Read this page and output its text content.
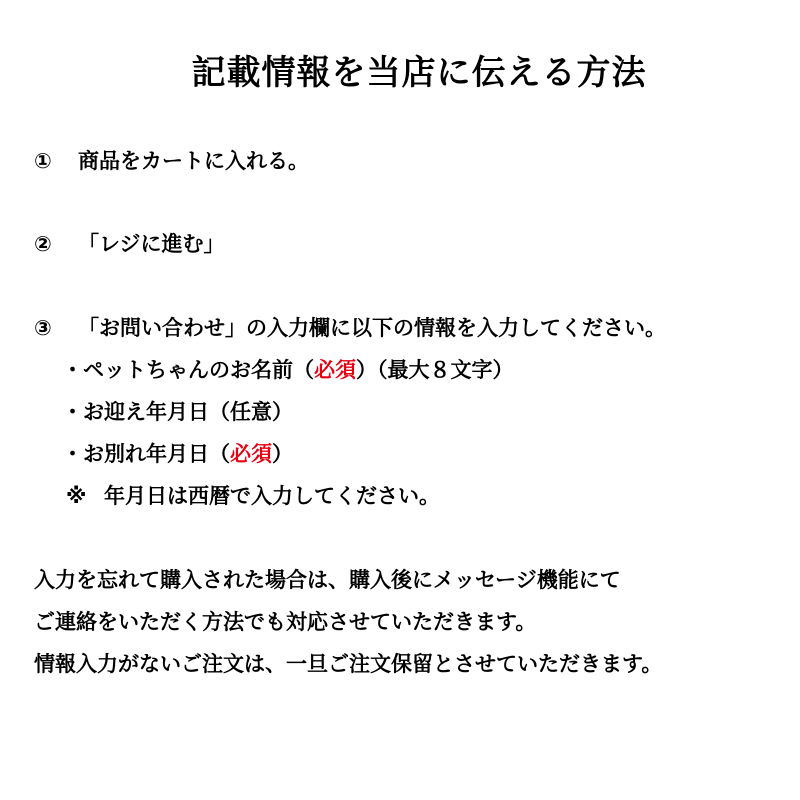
記載情報を当店に伝える方法
① 商品をカートに入れる。
② 「レジに進む」
③ 「お問い合わせ」の入力欄に以下の情報を入力してください。
・ペットちゃんのお名前（必須）（最大８文字）
・お迎え年月日（任意）
・お別れ年月日（必須）
※ 年月日は西暦で入力してください。
入力を忘れて購入された場合は、購入後にメッセージ機能にて
ご連絡をいただく方法でも対応させていただきます。
情報入力がないご注文は、一旦ご注文保留とさせていただきます。
